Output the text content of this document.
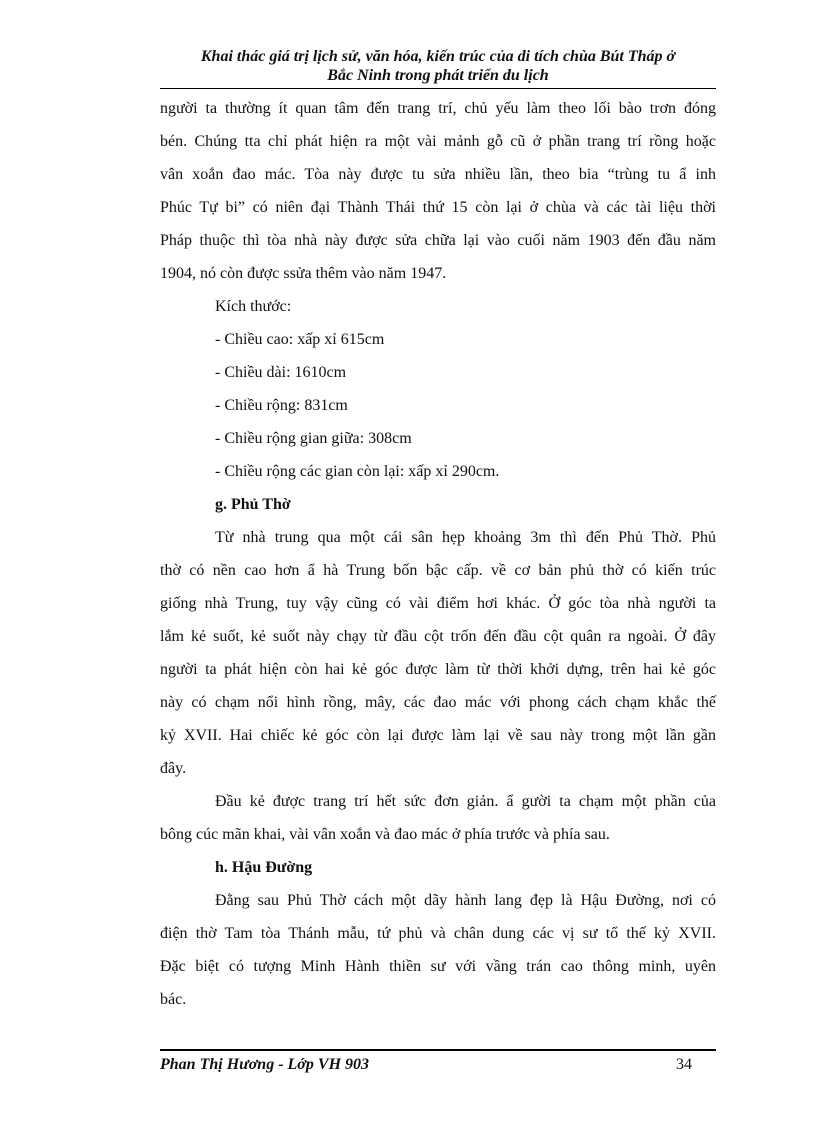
Khai thác giá trị lịch sử, văn hóa, kiến trúc của di tích chùa Bút Tháp ở
Bắc Ninh trong phát triển du lịch
người ta thường ít quan tâm đến trang trí, chủ yếu làm theo lối bào trơn đóng
bén. Chúng tta chỉ phát hiện ra một vài mảnh gỗ cũ ở phần trang trí rồng hoặc
vân xoắn đao mác. Tòa này được tu sửa nhiều lần, theo bia “trùng tu ẩ inh
Phúc Tự bi” có niên đại Thành Thái thứ 15 còn lại ở chùa và các tài liệu thời
Pháp thuộc thì tòa nhà này được sửa chữa lại vào cuối năm 1903 đến đầu năm
1904, nó còn được ssửa thêm vào năm 1947.
Kích thước:
- Chiều cao: xấp xỉ 615cm
- Chiều dài: 1610cm
- Chiều rộng: 831cm
- Chiều rộng gian giữa: 308cm
- Chiều rộng các gian còn lại: xấp xỉ 290cm.
g. Phủ Thờ
Từ nhà trung qua một cái sân hẹp khoảng 3m thì đến Phủ Thờ. Phủ
thờ có nền cao hơn ẩ hà Trung bốn bậc cấp. về cơ bản phủ thờ có kiến trúc
giống nhà Trung, tuy vậy cũng có vài điểm hơi khác. Ở góc tòa nhà người ta
lắm kẻ suốt, kẻ suốt này chạy từ đầu cột trốn đến đầu cột quân ra ngoài. Ở đây
người ta phát hiện còn hai kẻ góc được làm từ thời khởi dựng, trên hai kẻ góc
này có chạm nổi hình rồng, mây, các đao mác với phong cách chạm khắc thế
kỷ XVII. Hai chiếc kẻ góc còn lại được làm lại về sau này trong một lần gần
đây.
Đầu kẻ được trang trí hết sức đơn giản. ẩ gười ta chạm một phần của
bông cúc mãn khai, vài vân xoắn và đao mác ở phía trước và phía sau.
h. Hậu Đường
Đằng sau Phủ Thờ cách một dãy hành lang đẹp là Hậu Đường, nơi có
điện thờ Tam tòa Thánh mẫu, tứ phủ và chân dung các vị sư tổ thế kỷ XVII.
Đặc biệt có tượng Minh Hành thiền sư với vầng trán cao thông minh, uyên
bác.
Phan Thị Hương - Lớp VH 903	34
